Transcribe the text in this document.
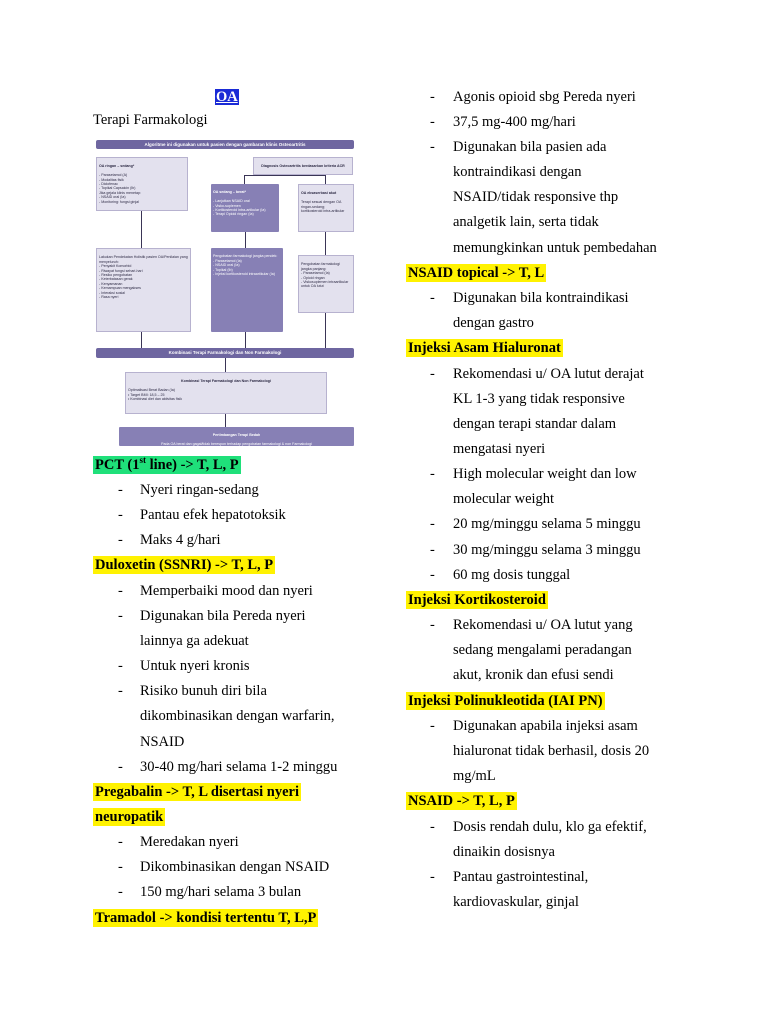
OA
Terapi Farmakologi
Algoritme ini digunakan untuk pasien dengan gambaran klinis Osteoartritis

OA ringan – sedang*

- Parasetamol (A)
- Modalitas fisik
- Diclofenac
- Topikal Capsaicin (Ib)
Jika gejala klinis menetap:
- NSAID oral (Ia)
- Monitoring: fungsi ginjal

Diagnosis Osteoartritis berdasarkan kriteria ACR

OA sedang – berat*

- Lanjutkan NSAID oral
- Visko-suplemen
- Kortikosteroid intra-artikular (Ia)
- Terapi Opioid ringan (Ia)

OA eksaserbasi akut

Terapi sesuai dengan OA ringan-sedang;
kortikosteroid intra-artikular

Lakukan Pendekatan Holistik pasien OA/Penilaian yang menyeluruh:
- Penyakit Komorbid
- Riwayat fungsi sehari-hari
- Resiko pengobatan
- Keterbatasan gerak
- Kenyamanan
- Kemampuan mengakses
- Interaksi sosial
- Rasa nyeri

Pengobatan farmakologi jangka pendek:
- Parasetamol (Ia)
- NSAID oral (Ia)
- Topikal (Ib)
- Injeksi kortikosteroid intraartikular (Ia)

Pengobatan farmakologi jangka panjang:
- Parasetamol (Ia)
- Opioid ringan
- Viskosuplemen intraartikular untuk OA lutut

Kombinasi Terapi Farmakologi dan Non Farmakologi

Kombinasi Terapi Farmakologi dan Non Farmakologi

Optimalisasi Berat Badan (Ia)
• Target BMI: 18,5 – 25
• Kombinasi diet dan aktivitas fisik

Pertimbangan Terapi Bedah

Pada OA berat dan gagal/tidak berespon terhadap pengobatan farmakologi & non Farmakologi

PCT (1st line) -> T, L, P
- Nyeri ringan-sedang
- Pantau efek hepatotoksik
- Maks 4 g/hari
Duloxetin (SSNRI) -> T, L, P
- Memperbaiki mood dan nyeri
- Digunakan bila Pereda nyeri
lainnya ga adekuat
- Untuk nyeri kronis
- Risiko bunuh diri bila
dikombinasikan dengan warfarin,
NSAID
- 30-40 mg/hari selama 1-2 minggu
Pregabalin -> T, L disertasi nyeri
neuropatik
- Meredakan nyeri
- Dikombinasikan dengan NSAID
- 150 mg/hari selama 3 bulan
Tramadol -> kondisi tertentu T, L,P
- Agonis opioid sbg Pereda nyeri
- 37,5 mg-400 mg/hari
- Digunakan bila pasien ada
kontraindikasi dengan
NSAID/tidak responsive thp
analgetik lain, serta tidak
memungkinkan untuk pembedahan
NSAID topical -> T, L
- Digunakan bila kontraindikasi
dengan gastro
Injeksi Asam Hialuronat
- Rekomendasi u/ OA lutut derajat
KL 1-3 yang tidak responsive
dengan terapi standar dalam
mengatasi nyeri
- High molecular weight dan low
molecular weight
- 20 mg/minggu selama 5 minggu
- 30 mg/minggu selama 3 minggu
- 60 mg dosis tunggal
Injeksi Kortikosteroid
- Rekomendasi u/ OA lutut yang
sedang mengalami peradangan
akut, kronik dan efusi sendi
Injeksi Polinukleotida (IAI PN)
- Digunakan apabila injeksi asam
hialuronat tidak berhasil, dosis 20
mg/mL
NSAID -> T, L, P
- Dosis rendah dulu, klo ga efektif,
dinaikin dosisnya
- Pantau gastrointestinal,
kardiovaskular, ginjal
